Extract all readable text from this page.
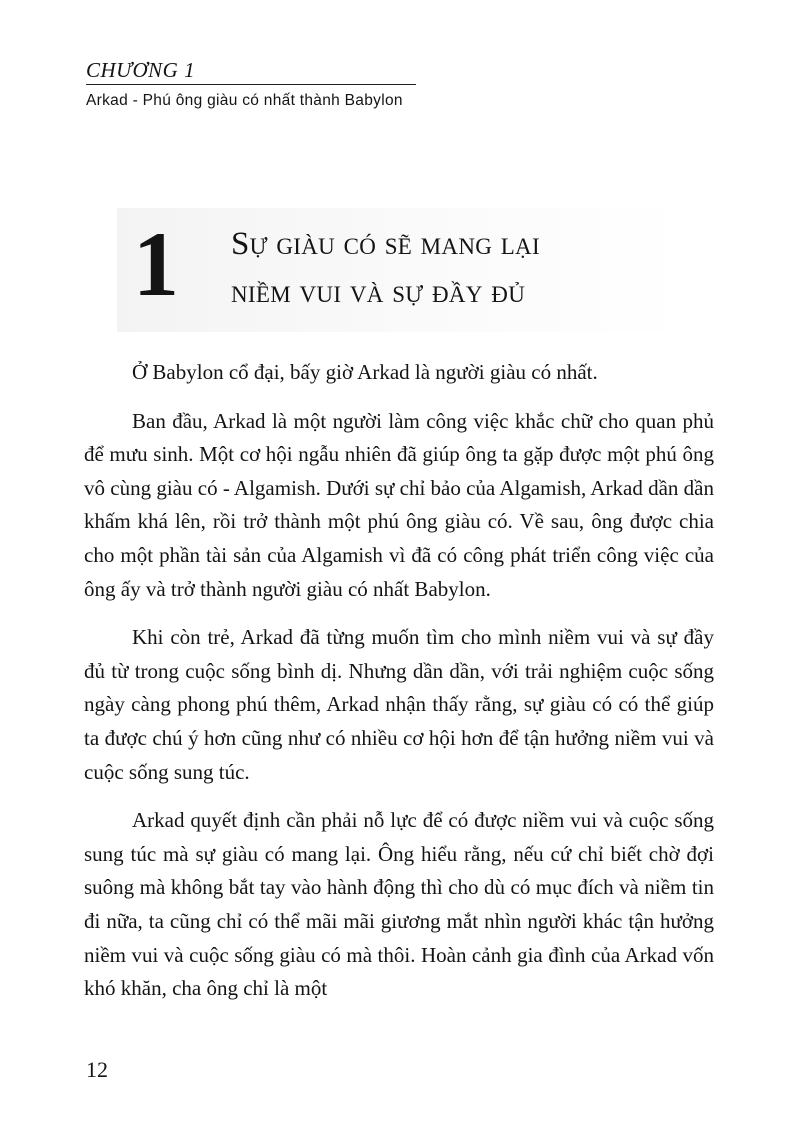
CHƯƠNG 1
Arkad - Phú ông giàu có nhất thành Babylon
1 Sự giàu có sẽ mang lại
niềm vui và sự đầy đủ

Ở Babylon cổ đại, bấy giờ Arkad là người giàu có nhất.

Ban đầu, Arkad là một người làm công việc khắc chữ cho quan phủ để mưu sinh. Một cơ hội ngẫu nhiên đã giúp ông ta gặp được một phú ông vô cùng giàu có - Algamish. Dưới sự chỉ bảo của Algamish, Arkad dần dần khấm khá lên, rồi trở thành một phú ông giàu có. Về sau, ông được chia cho một phần tài sản của Algamish vì đã có công phát triển công việc của ông ấy và trở thành người giàu có nhất Babylon.

Khi còn trẻ, Arkad đã từng muốn tìm cho mình niềm vui và sự đầy đủ từ trong cuộc sống bình dị. Nhưng dần dần, với trải nghiệm cuộc sống ngày càng phong phú thêm, Arkad nhận thấy rằng, sự giàu có có thể giúp ta được chú ý hơn cũng như có nhiều cơ hội hơn để tận hưởng niềm vui và cuộc sống sung túc.

Arkad quyết định cần phải nỗ lực để có được niềm vui và cuộc sống sung túc mà sự giàu có mang lại. Ông hiểu rằng, nếu cứ chỉ biết chờ đợi suông mà không bắt tay vào hành động thì cho dù có mục đích và niềm tin đi nữa, ta cũng chỉ có thể mãi mãi giương mắt nhìn người khác tận hưởng niềm vui và cuộc sống giàu có mà thôi. Hoàn cảnh gia đình của Arkad vốn khó khăn, cha ông chỉ là một

12
